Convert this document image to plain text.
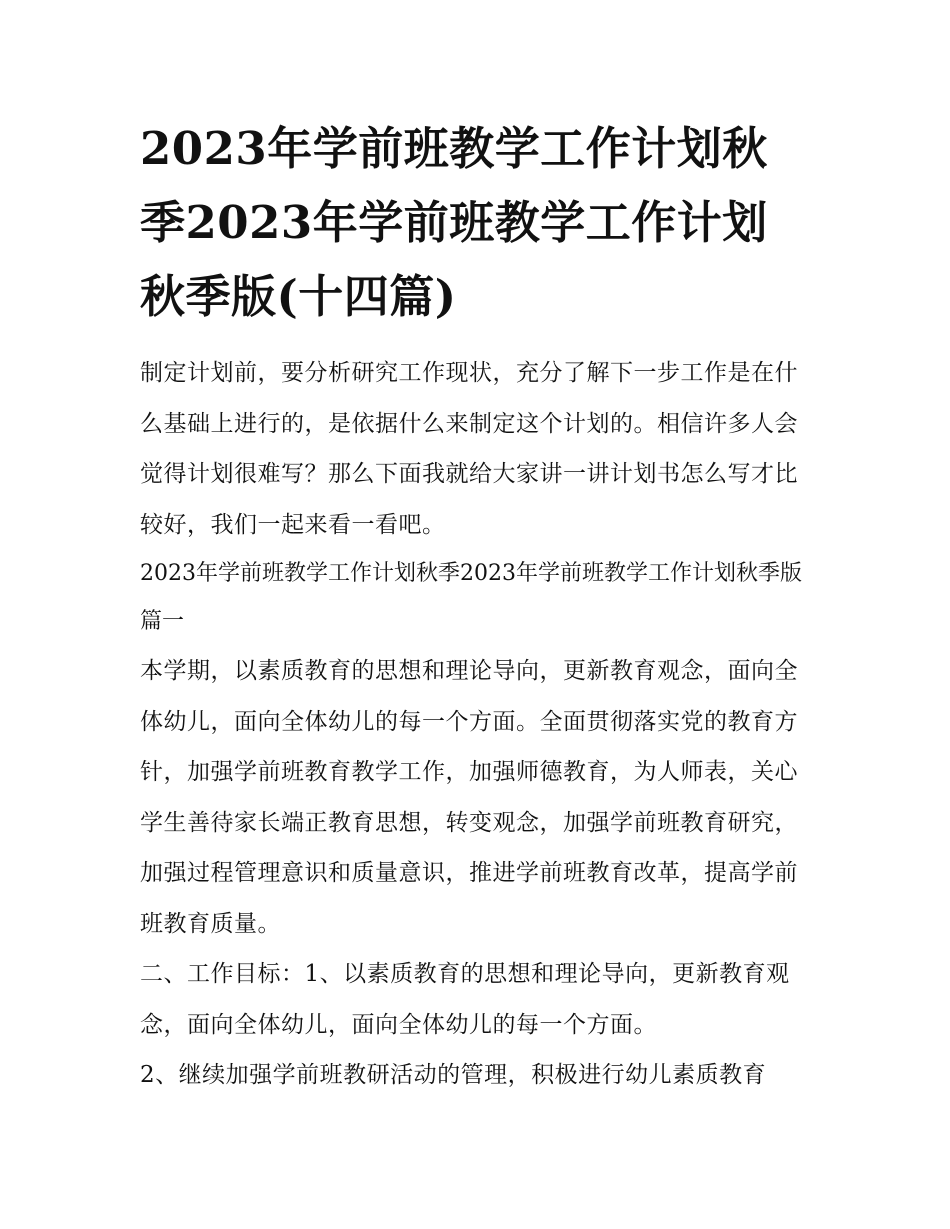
2023年学前班教学工作计划秋季2023年学前班教学工作计划秋季版(十四篇)

制定计划前，要分析研究工作现状，充分了解下一步工作是在什么基础上进行的，是依据什么来制定这个计划的。相信许多人会觉得计划很难写？那么下面我就给大家讲一讲计划书怎么写才比较好，我们一起来看一看吧。

2023年学前班教学工作计划秋季2023年学前班教学工作计划秋季版篇一

本学期，以素质教育的思想和理论导向，更新教育观念，面向全体幼儿，面向全体幼儿的每一个方面。全面贯彻落实党的教育方针，加强学前班教育教学工作，加强师德教育，为人师表，关心学生善待家长端正教育思想，转变观念，加强学前班教育研究，加强过程管理意识和质量意识，推进学前班教育改革，提高学前班教育质量。

二、工作目标：1、以素质教育的思想和理论导向，更新教育观念，面向全体幼儿，面向全体幼儿的每一个方面。

2、继续加强学前班教研活动的管理，积极进行幼儿素质教育
